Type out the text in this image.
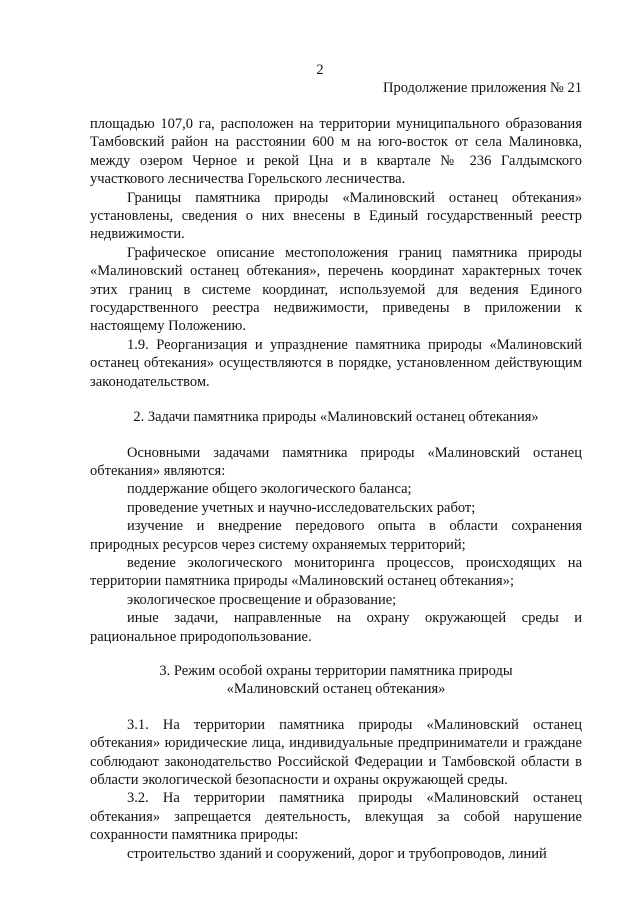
2
Продолжение приложения № 21

площадью 107,0 га, расположен на территории муниципального образования Тамбовский район на расстоянии 600 м на юго-восток от села Малиновка, между озером Черное и рекой Цна и в квартале № 236 Галдымского участкового лесничества Горельского лесничества.

Границы памятника природы «Малиновский останец обтекания» установлены, сведения о них внесены в Единый государственный реестр недвижимости.

Графическое описание местоположения границ памятника природы «Малиновский останец обтекания», перечень координат характерных точек этих границ в системе координат, используемой для ведения Единого государственного реестра недвижимости, приведены в приложении к настоящему Положению.

1.9. Реорганизация и упразднение памятника природы «Малиновский останец обтекания» осуществляются в порядке, установленном действующим законодательством.

2. Задачи памятника природы «Малиновский останец обтекания»

Основными задачами памятника природы «Малиновский останец обтекания» являются:

поддержание общего экологического баланса;

проведение учетных и научно-исследовательских работ;

изучение и внедрение передового опыта в области сохранения природных ресурсов через систему охраняемых территорий;

ведение экологического мониторинга процессов, происходящих на территории памятника природы «Малиновский останец обтекания»;

экологическое просвещение и образование;

иные задачи, направленные на охрану окружающей среды и рациональное природопользование.

3. Режим особой охраны территории памятника природы

«Малиновский останец обтекания»

3.1. На территории памятника природы «Малиновский останец обтекания» юридические лица, индивидуальные предприниматели и граждане соблюдают законодательство Российской Федерации и Тамбовской области в области экологической безопасности и охраны окружающей среды.

3.2. На территории памятника природы «Малиновский останец обтекания» запрещается деятельность, влекущая за собой нарушение сохранности памятника природы:

строительство зданий и сооружений, дорог и трубопроводов, линий
